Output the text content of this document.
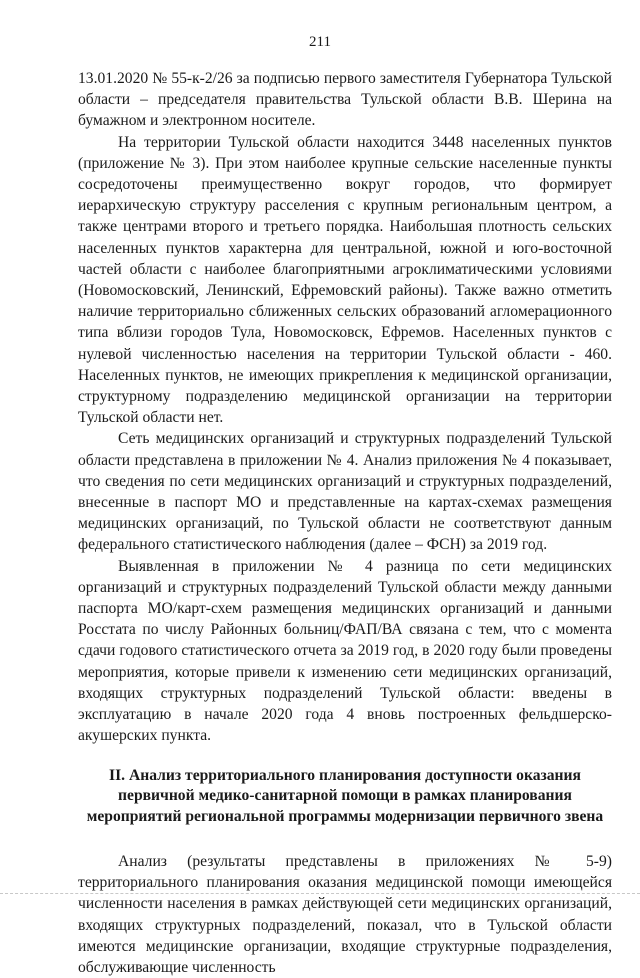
211

13.01.2020 № 55-к-2/26 за подписью первого заместителя Губернатора Тульской области – председателя правительства Тульской области В.В. Шерина на бумажном и электронном носителе.

На территории Тульской области находится 3448 населенных пунктов (приложение № 3). При этом наиболее крупные сельские населенные пункты сосредоточены преимущественно вокруг городов, что формирует иерархическую структуру расселения с крупным региональным центром, а также центрами второго и третьего порядка. Наибольшая плотность сельских населенных пунктов характерна для центральной, южной и юго-восточной частей области с наиболее благоприятными агроклиматическими условиями (Новомосковский, Ленинский, Ефремовский районы). Также важно отметить наличие территориально сближенных сельских образований агломерационного типа вблизи городов Тула, Новомосковск, Ефремов. Населенных пунктов с нулевой численностью населения на территории Тульской области - 460. Населенных пунктов, не имеющих прикрепления к медицинской организации, структурному подразделению медицинской организации на территории Тульской области нет.

Сеть медицинских организаций и структурных подразделений Тульской области представлена в приложении № 4. Анализ приложения № 4 показывает, что сведения по сети медицинских организаций и структурных подразделений, внесенные в паспорт МО и представленные на картах-схемах размещения медицинских организаций, по Тульской области не соответствуют данным федерального статистического наблюдения (далее – ФСН) за 2019 год.

Выявленная в приложении № 4 разница по сети медицинских организаций и структурных подразделений Тульской области между данными паспорта МО/карт-схем размещения медицинских организаций и данными Росстата по числу Районных больниц/ФАП/ВА связана с тем, что с момента сдачи годового статистического отчета за 2019 год, в 2020 году были проведены мероприятия, которые привели к изменению сети медицинских организаций, входящих структурных подразделений Тульской области: введены в эксплуатацию в начале 2020 года 4 вновь построенных фельдшерско-акушерских пункта.

II. Анализ территориального планирования доступности оказания первичной медико-санитарной помощи в рамках планирования мероприятий региональной программы модернизации первичного звена

Анализ (результаты представлены в приложениях № 5-9) территориального планирования оказания медицинской помощи имеющейся численности населения в рамках действующей сети медицинских организаций, входящих структурных подразделений, показал, что в Тульской области имеются медицинские организации, входящие структурные подразделения, обслуживающие численность
